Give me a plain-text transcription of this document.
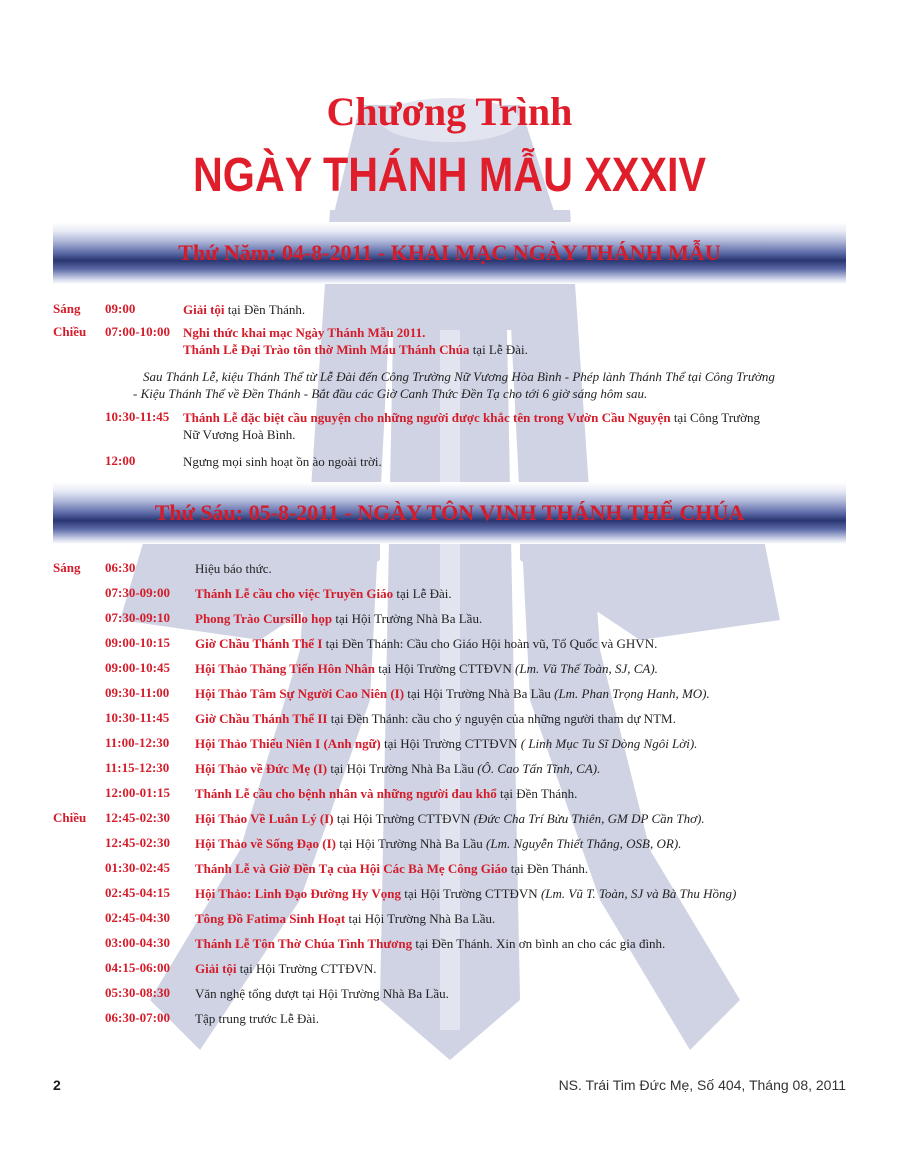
Chương Trình
NGÀY THÁNH MẪU XXXIV
Thứ Năm: 04-8-2011 - KHAI MẠC NGÀY THÁNH MẪU
Sáng 09:00	Giải tội tại Đền Thánh.
Chiều 07:00-10:00 Nghi thức khai mạc Ngày Thánh Mẫu 2011.
Thánh Lễ Đại Trào tôn thờ Mình Máu Thánh Chúa tại Lễ Đài.
Sau Thánh Lễ, kiệu Thánh Thể từ Lễ Đài đến Công Trường Nữ Vương Hòa Bình - Phép lành Thánh Thể tại Công Trường
- Kiệu Thánh Thể về Đền Thánh - Bắt đầu các Giờ Canh Thức Đền Tạ cho tới 6 giờ sáng hôm sau.
10:30-11:45 Thánh Lễ đặc biệt cầu nguyện cho những người được khắc tên trong Vườn Cầu Nguyện tại Công Trường
Nữ Vương Hoà Bình.
12:00	Ngưng mọi sinh hoạt ồn ào ngoài trời.
Thứ Sáu: 05-8-2011 - NGÀY TÔN VINH THÁNH THỂ CHÚA
Sáng 06:30	Hiệu báo thức.
07:30-09:00 Thánh Lễ cầu cho việc Truyền Giáo tại Lễ Đài.
07:30-09:10 Phong Trào Cursillo họp tại Hội Trường Nhà Ba Lầu.
09:00-10:15 Giờ Chầu Thánh Thể I tại Đền Thánh: Cầu cho Giáo Hội hoàn vũ, Tổ Quốc và GHVN.
09:00-10:45 Hội Thảo Thăng Tiến Hôn Nhân tại Hội Trường CTTĐVN (Lm. Vũ Thế Toàn, SJ, CA).
09:30-11:00 Hội Thảo Tâm Sự Người Cao Niên (I) tại Hội Trường Nhà Ba Lầu (Lm. Phan Trọng Hanh, MO).
10:30-11:45 Giờ Chầu Thánh Thể II tại Đền Thánh: cầu cho ý nguyện của những người tham dự NTM.
11:00-12:30 Hội Thảo Thiếu Niên I (Anh ngữ) tại Hội Trường CTTĐVN ( Linh Mục Tu Sĩ Dòng Ngôi Lời).
11:15-12:30 Hội Thảo về Đức Mẹ (I) tại Hội Trường Nhà Ba Lầu (Ô. Cao Tấn Tĩnh, CA).
12:00-01:15 Thánh Lễ cầu cho bệnh nhân và những người đau khổ tại Đền Thánh.
Chiều 12:45-02:30 Hội Thảo Về Luân Lý (I) tại Hội Trường CTTĐVN (Đức Cha Trí Bửu Thiên, GM DP Cần Thơ).
12:45-02:30 Hội Thảo về Sống Đạo (I) tại Hội Trường Nhà Ba Lầu (Lm. Nguyễn Thiết Thắng, OSB, OR).
01:30-02:45 Thánh Lễ và Giờ Đền Tạ của Hội Các Bà Mẹ Công Giáo tại Đền Thánh.
02:45-04:15 Hội Thảo: Linh Đạo Đường Hy Vọng tại Hội Trường CTTĐVN (Lm. Vũ T. Toàn, SJ và Bà Thu Hồng)
02:45-04:30 Tông Đồ Fatima Sinh Hoạt tại Hội Trường Nhà Ba Lầu.
03:00-04:30 Thánh Lễ Tôn Thờ Chúa Tình Thương tại Đền Thánh. Xin ơn bình an cho các gia đình.
04:15-06:00 Giải tội tại Hội Trường CTTĐVN.
05:30-08:30 Văn nghệ tổng dượt tại Hội Trường Nhà Ba Lầu.
06:30-07:00 Tập trung trước Lễ Đài.
2	NS. Trái Tim Đức Mẹ, Số 404, Tháng 08, 2011
